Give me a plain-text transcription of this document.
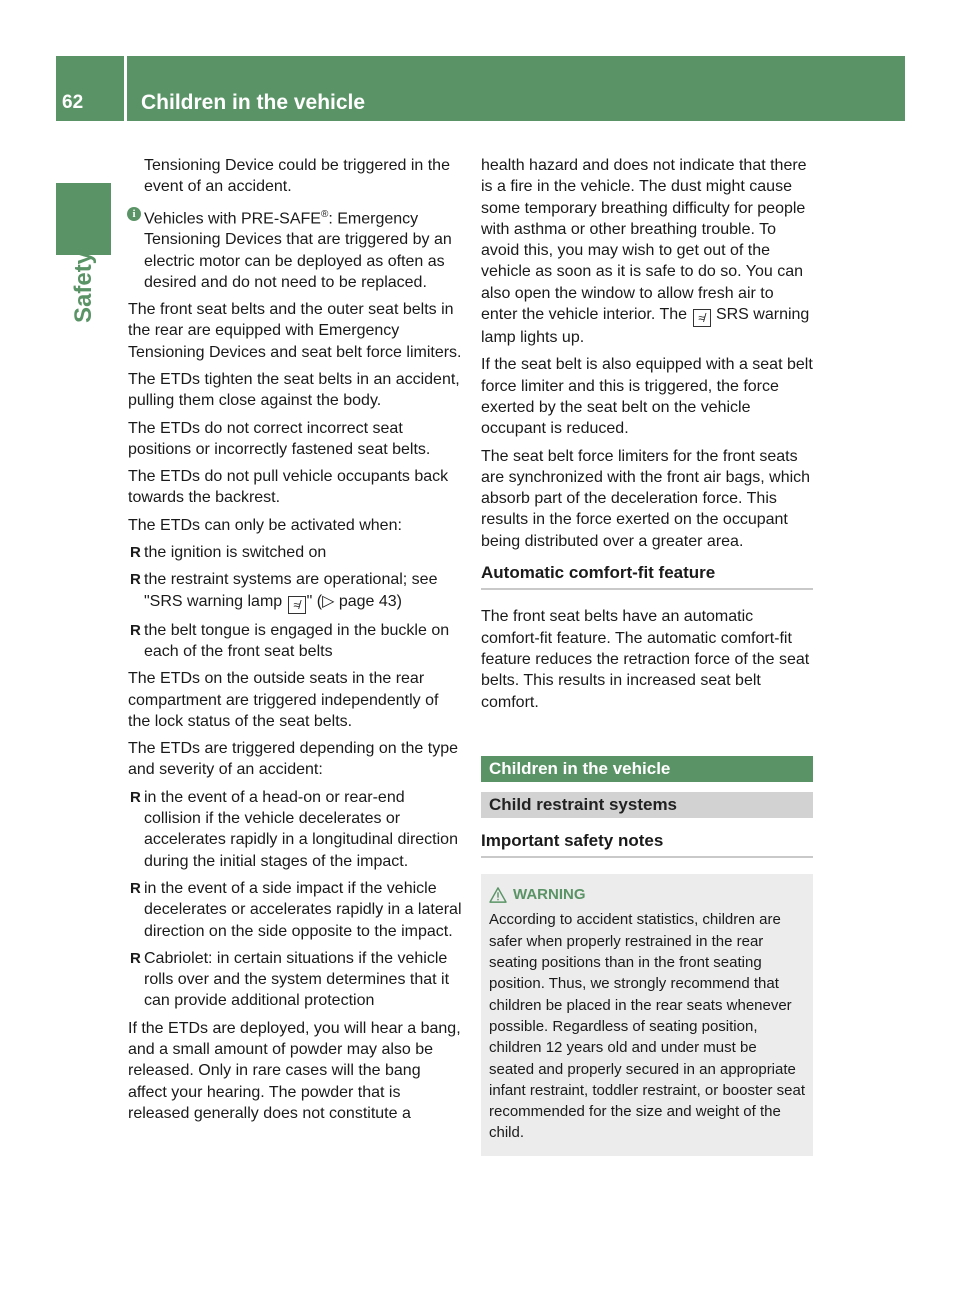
62	Children in the vehicle
Safety

Tensioning Device could be triggered in the event of an accident.

i Vehicles with PRE-SAFE®: Emergency Tensioning Devices that are triggered by an electric motor can be deployed as often as desired and do not need to be replaced.

The front seat belts and the outer seat belts in the rear are equipped with Emergency Tensioning Devices and seat belt force limiters.

The ETDs tighten the seat belts in an accident, pulling them close against the body.

The ETDs do not correct incorrect seat positions or incorrectly fastened seat belts.

The ETDs do not pull vehicle occupants back towards the backrest.

The ETDs can only be activated when:

R the ignition is switched on
R the restraint systems are operational; see "SRS warning lamp ≉ " (▷ page 43)
R the belt tongue is engaged in the buckle on each of the front seat belts

The ETDs on the outside seats in the rear compartment are triggered independently of the lock status of the seat belts.

The ETDs are triggered depending on the type and severity of an accident:

R in the event of a head-on or rear-end collision if the vehicle decelerates or accelerates rapidly in a longitudinal direction during the initial stages of the impact.
R in the event of a side impact if the vehicle decelerates or accelerates rapidly in a lateral direction on the side opposite to the impact.
R Cabriolet: in certain situations if the vehicle rolls over and the system determines that it can provide additional protection

If the ETDs are deployed, you will hear a bang, and a small amount of powder may also be released. Only in rare cases will the bang affect your hearing. The powder that is released generally does not constitute a

health hazard and does not indicate that there is a fire in the vehicle. The dust might cause some temporary breathing difficulty for people with asthma or other breathing trouble. To avoid this, you may wish to get out of the vehicle as soon as it is safe to do so. You can also open the window to allow fresh air to enter the vehicle interior. The ≉ SRS warning lamp lights up.

If the seat belt is also equipped with a seat belt force limiter and this is triggered, the force exerted by the seat belt on the vehicle occupant is reduced.

The seat belt force limiters for the front seats are synchronized with the front air bags, which absorb part of the deceleration force. This results in the force exerted on the occupant being distributed over a greater area.

Automatic comfort-fit feature

The front seat belts have an automatic comfort-fit feature. The automatic comfort-fit feature reduces the retraction force of the seat belts. This results in increased seat belt comfort.

Children in the vehicle
Child restraint systems
Important safety notes
WARNING
According to accident statistics, children are safer when properly restrained in the rear seating positions than in the front seating position. Thus, we strongly recommend that children be placed in the rear seats whenever possible. Regardless of seating position, children 12 years old and under must be seated and properly secured in an appropriate infant restraint, toddler restraint, or booster seat recommended for the size and weight of the child.
